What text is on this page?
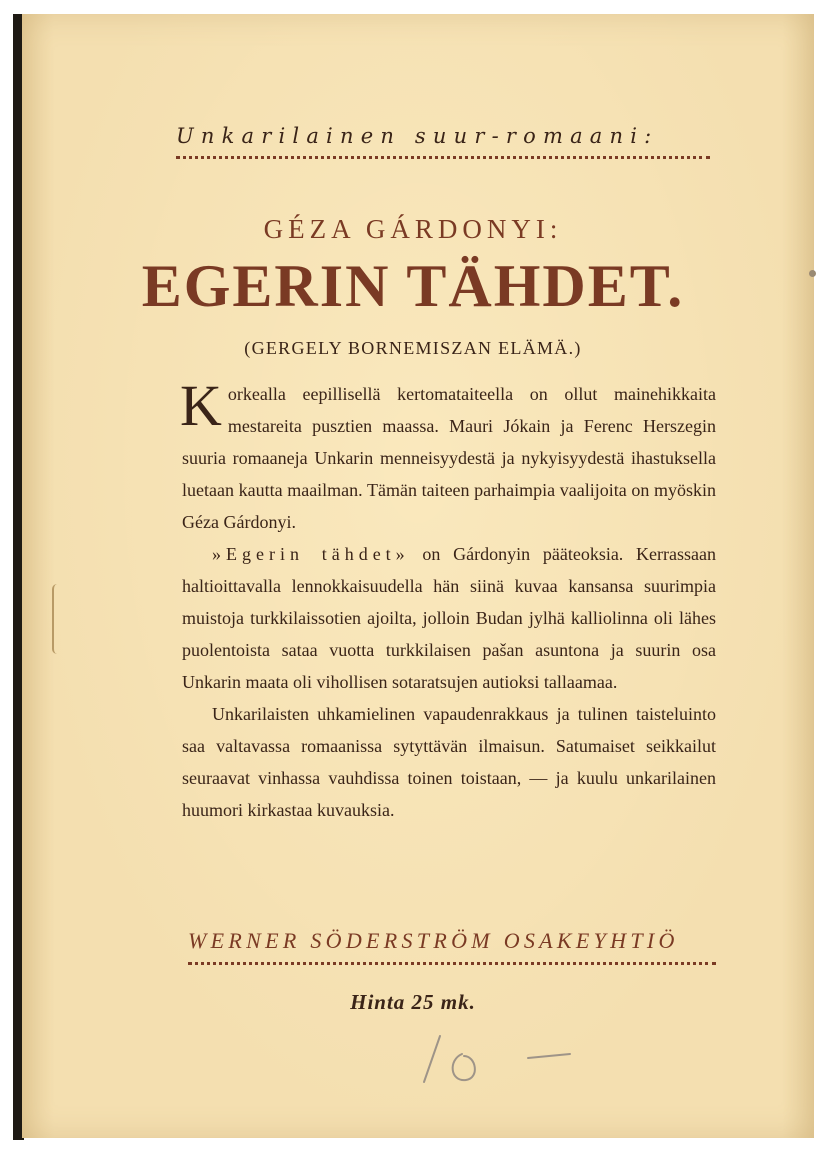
Unkarilainen suur-romaani:
GÉZA GÁRDONYI:
EGERIN TÄHDET.
(GERGELY BORNEMISZAN ELÄMÄ.)

Korkealla eepillisellä kertomataiteella on ollut mainehikkaita mestareita pusztien maassa. Mauri Jókain ja Ferenc Herszegin suuria romaaneja Unkarin menneisyydestä ja nykyisyydestä ihastuksella luetaan kautta maailman. Tämän taiteen parhaimpia vaalijoita on myöskin Géza Gárdonyi.

»Egerin tähdet» on Gárdonyin pääteoksia. Kerrassaan haltioittavalla lennokkaisuudella hän siinä kuvaa kansansa suurimpia muistoja turkkilaissotien ajoilta, jolloin Budan jylhä kalliolinna oli lähes puolentoista sataa vuotta turkkilaisen pašan asuntona ja suurin osa Unkarin maata oli vihollisen sotaratsujen autioksi tallaamaa.

Unkarilaisten uhkamielinen vapaudenrakkaus ja tulinen taisteluinto saa valtavassa romaanissa sytyttävän ilmaisun. Satumaiset seikkailut seuraavat vinhassa vauhdissa toinen toistaan, — ja kuulu unkarilainen huumori kirkastaa kuvauksia.

WERNER SÖDERSTRÖM OSAKEYHTIÖ
Hinta 25 mk.
